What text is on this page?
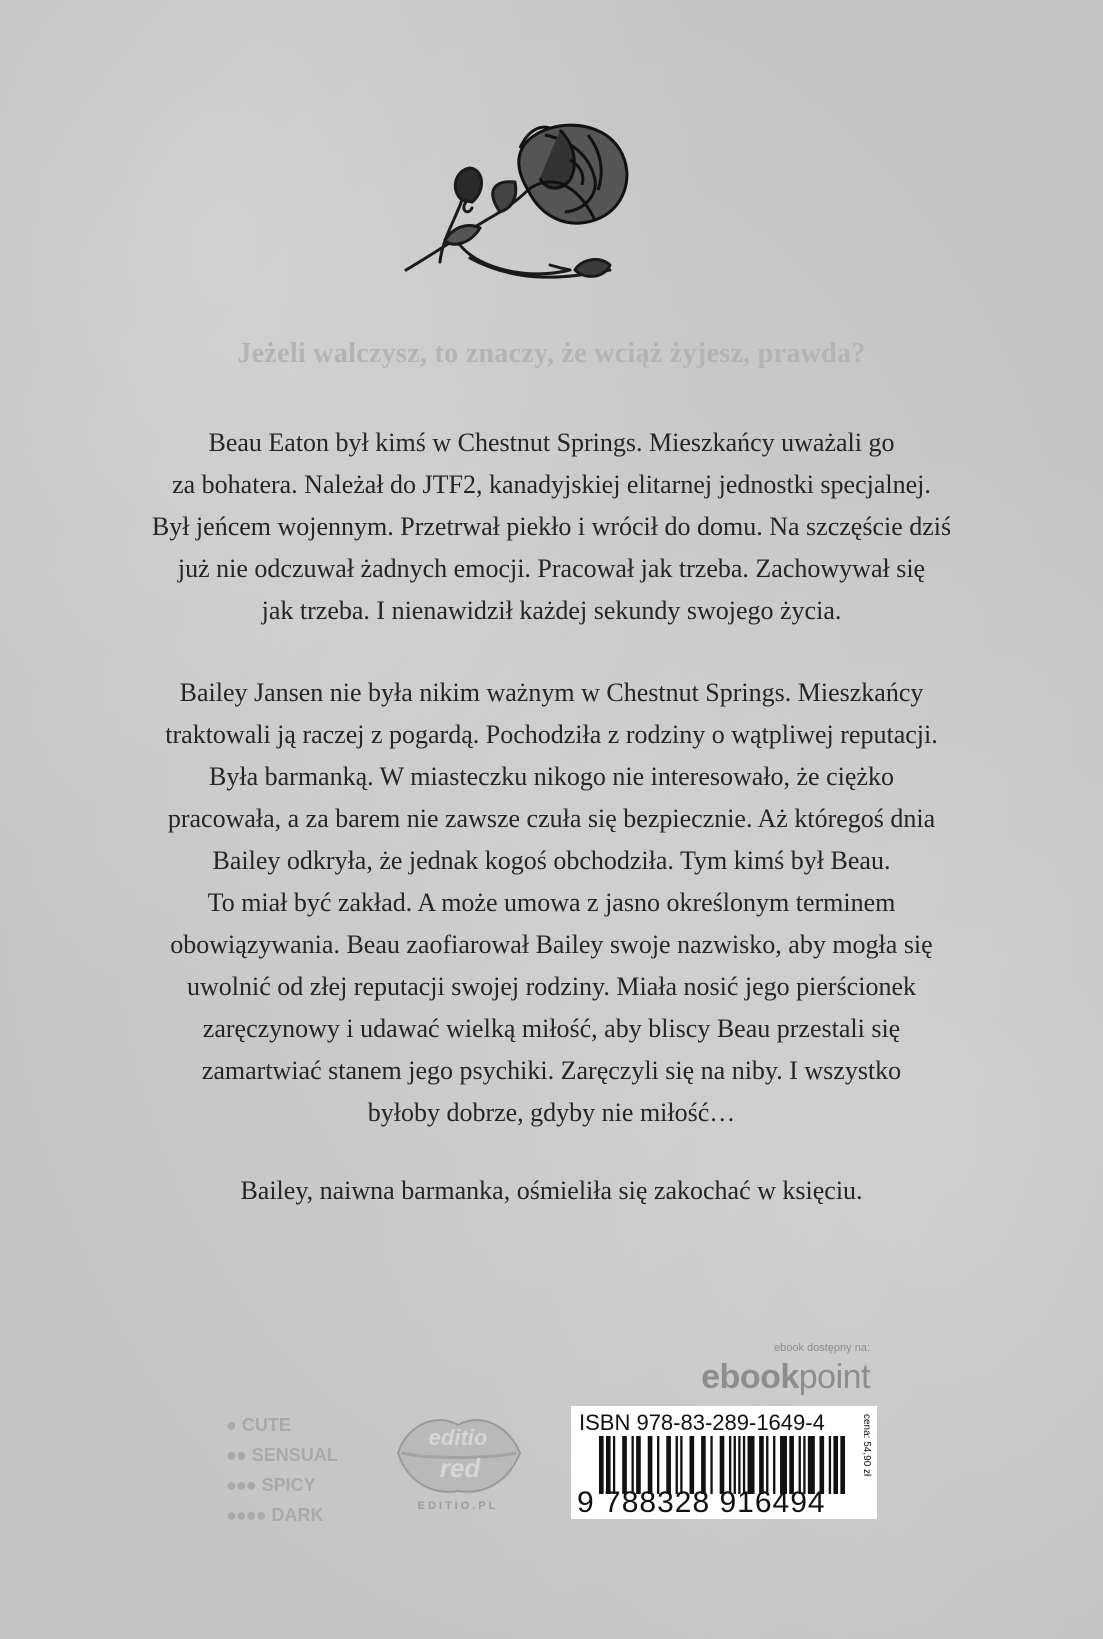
Jeżeli walczysz, to znaczy, że wciąż żyjesz, prawda?
Beau Eaton był kimś w Chestnut Springs. Mieszkańcy uważali go
za bohatera. Należał do JTF2, kanadyjskiej elitarnej jednostki specjalnej.
Był jeńcem wojennym. Przetrwał piekło i wrócił do domu. Na szczęście dziś
już nie odczuwał żadnych emocji. Pracował jak trzeba. Zachowywał się
jak trzeba. I nienawidził każdej sekundy swojego życia.
Bailey Jansen nie była nikim ważnym w Chestnut Springs. Mieszkańcy
traktowali ją raczej z pogardą. Pochodziła z rodziny o wątpliwej reputacji.
Była barmanką. W miasteczku nikogo nie interesowało, że ciężko
pracowała, a za barem nie zawsze czuła się bezpiecznie. Aż któregoś dnia
Bailey odkryła, że jednak kogoś obchodziła. Tym kimś był Beau.
To miał być zakład. A może umowa z jasno określonym terminem
obowiązywania. Beau zaofiarował Bailey swoje nazwisko, aby mogła się
uwolnić od złej reputacji swojej rodziny. Miała nosić jego pierścionek
zaręczynowy i udawać wielką miłość, aby bliscy Beau przestali się
zamartwiać stanem jego psychiki. Zaręczyli się na niby. I wszystko
byłoby dobrze, gdyby nie miłość…
Bailey, naiwna barmanka, ośmieliła się zakochać w księciu.
● CUTE
●● SENSUAL
●●● SPICY
●●●● DARK
editio
red
EDITIO.PL
ebook dostępny na:
ebookpoint
ISBN 978-83-289-1649-4
9 788328 916494
cena: 54,90 zł
